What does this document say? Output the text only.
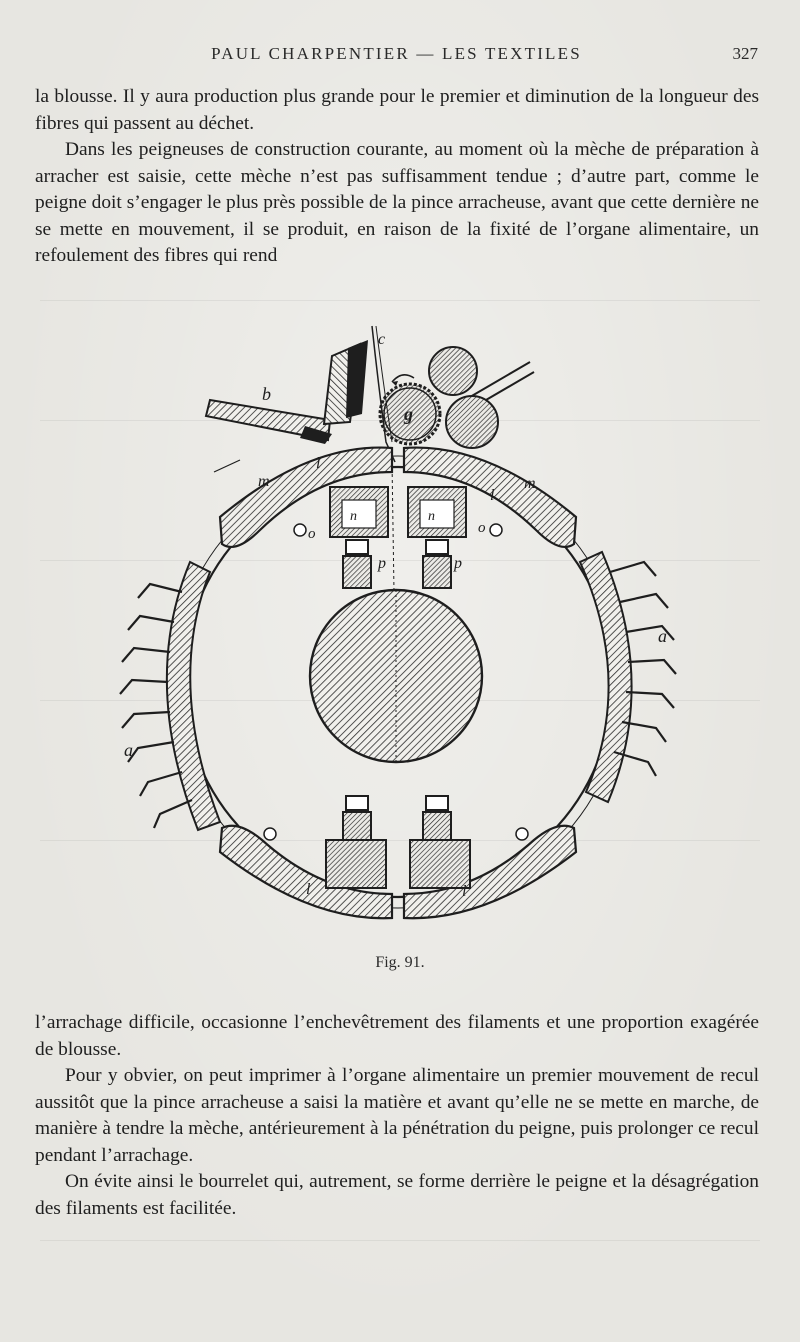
PAUL CHARPENTIER — LES TEXTILES	327

la blousse. Il y aura production plus grande pour le premier et diminution de la longueur des fibres qui passent au déchet.

Dans les peigneuses de construction courante, au moment où la mèche de préparation à arracher est saisie, cette mèche n’est pas suffisamment tendue ; d’autre part, comme le peigne doit s’engager le plus près possible de la pince arracheuse, avant que cette dernière ne se mette en mouvement, il se produit, en raison de la fixité de l’organe alimentaire, un refoulement des fibres qui rend

c
b
g
m	m
l
l
n	n
o	o
p	p
a
a
l	l
Fig. 91.

l’arrachage difficile, occasionne l’enchevêtrement des filaments et une proportion exagérée de blousse.

Pour y obvier, on peut imprimer à l’organe alimentaire un premier mouvement de recul aussitôt que la pince arracheuse a saisi la matière et avant qu’elle ne se mette en marche, de manière à tendre la mèche, antérieurement à la pénétration du peigne, puis prolonger ce recul pendant l’arrachage.

On évite ainsi le bourrelet qui, autrement, se forme derrière le peigne et la désagrégation des filaments est facilitée.
